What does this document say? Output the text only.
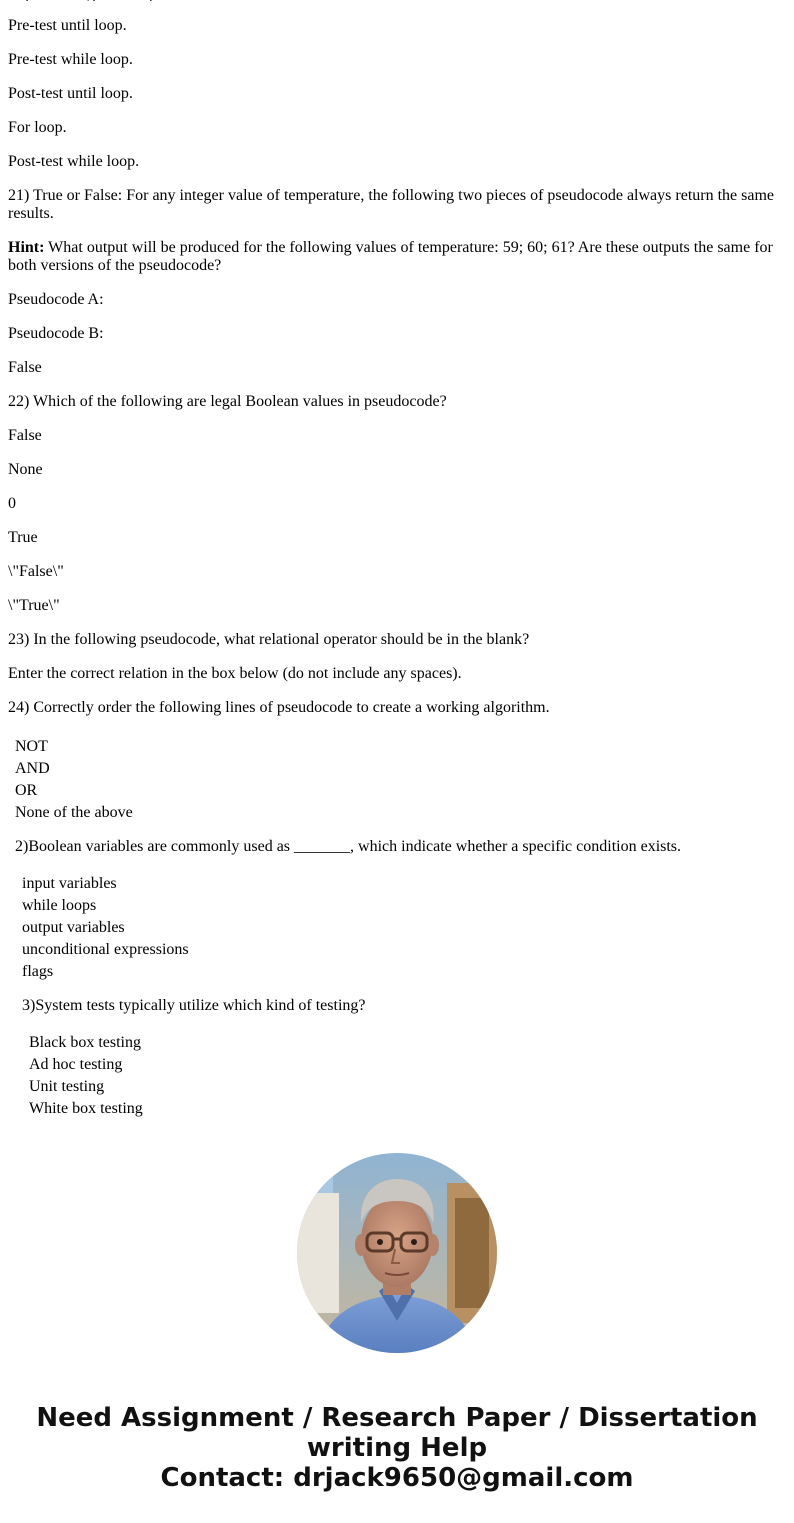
Pre-test until loop.

Pre-test while loop.

Post-test until loop.

For loop.

Post-test while loop.

21) True or False: For any integer value of temperature, the following two pieces of pseudocode always return the same results.

Hint: What output will be produced for the following values of temperature: 59; 60; 61? Are these outputs the same for both versions of the pseudocode?

Pseudocode A:

Pseudocode B:

False

22) Which of the following are legal Boolean values in pseudocode?

False

None

0

True

\"False\"

\"True\"

23) In the following pseudocode, what relational operator should be in the blank?

Enter the correct relation in the box below (do not include any spaces).

24) Correctly order the following lines of pseudocode to create a working algorithm.

NOT
AND
OR
None of the above
2)Boolean variables are commonly used as _______, which indicate whether a specific condition exists.
input variables
while loops
output variables
unconditional expressions
flags
3)System tests typically utilize which kind of testing?
Black box testing
Ad hoc testing
Unit testing
White box testing
Need Assignment / Research Paper / Dissertation writing Help
Contact: drjack9650@gmail.com
